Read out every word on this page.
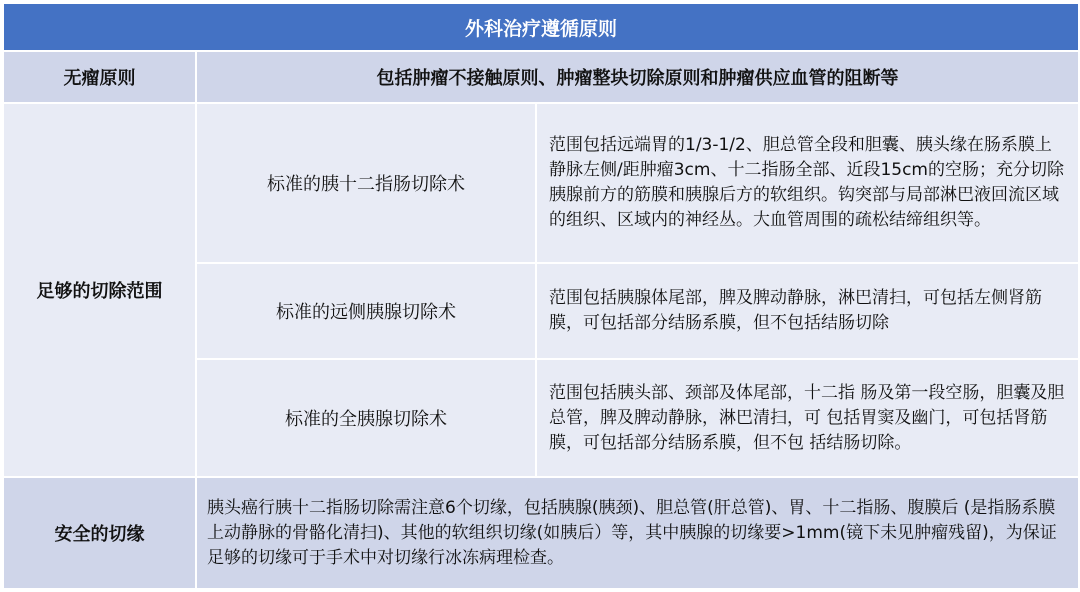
外科治疗遵循原则		
无瘤原则	包括肿瘤不接触原则、肿瘤整块切除原则和肿瘤供应血管的阻断等	
足够的切除范围	标准的胰十二指肠切除术	范围包括远端胃的1/3-1/2、胆总管全段和胆囊、胰头缘在肠系膜上静脉左侧/距肿瘤3cm、十二指肠全部、近段15cm的空肠；充分切除胰腺前方的筋膜和胰腺后方的软组织。钩突部与局部淋巴液回流区域的组织、区域内的神经丛。大血管周围的疏松结缔组织等。
	标准的远侧胰腺切除术	范围包括胰腺体尾部，脾及脾动静脉，淋巴清扫，可包括左侧肾筋膜，可包括部分结肠系膜，但不包括结肠切除
	标准的全胰腺切除术	范围包括胰头部、颈部及体尾部，十二指 肠及第一段空肠，胆囊及胆总管，脾及脾动静脉，淋巴清扫，可 包括胃窦及幽门，可包括肾筋膜，可包括部分结肠系膜，但不包 括结肠切除。
安全的切缘	胰头癌行胰十二指肠切除需注意6个切缘，包括胰腺(胰颈)、胆总管(肝总管)、胃、十二指肠、腹膜后 (是指肠系膜上动静脉的骨骼化清扫)、其他的软组织切缘(如胰后）等，其中胰腺的切缘要>1mm(镜下未见肿瘤残留)，为保证足够的切缘可于手术中对切缘行冰冻病理检查。	
